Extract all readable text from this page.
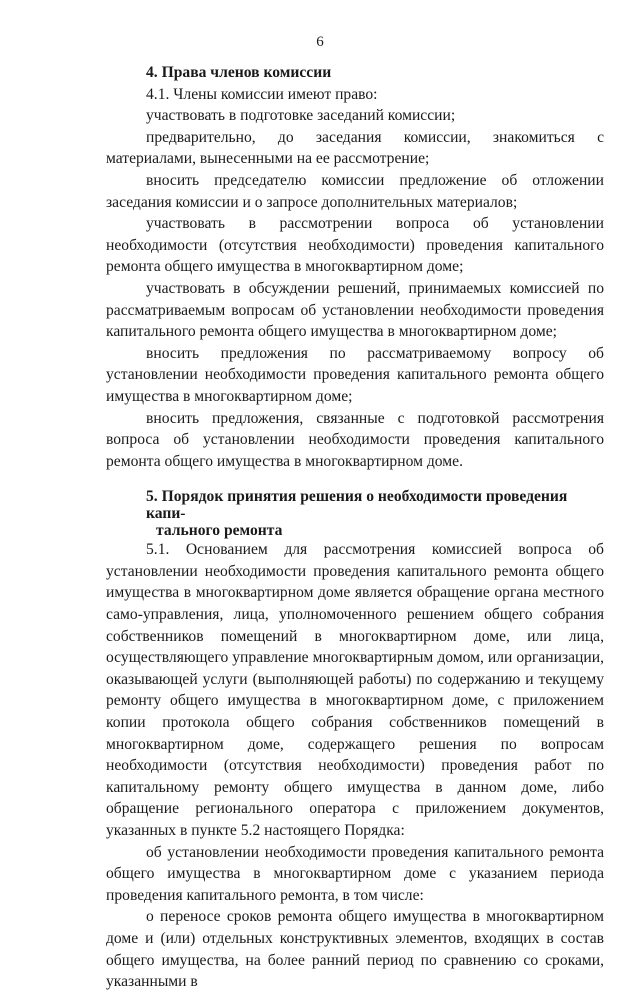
6

4. Права членов комиссии

4.1. Члены комиссии имеют право:

участвовать в подготовке заседаний комиссии;

предварительно, до заседания комиссии, знакомиться с материалами, вынесенными на ее рассмотрение;

вносить председателю комиссии предложение об отложении заседания комиссии и о запросе дополнительных материалов;

участвовать в рассмотрении вопроса об установлении необходимости (отсутствия необходимости) проведения капитального ремонта общего имущества в многоквартирном доме;

участвовать в обсуждении решений, принимаемых комиссией по рассматриваемым вопросам об установлении необходимости проведения капитального ремонта общего имущества в многоквартирном доме;

вносить предложения по рассматриваемому вопросу об установлении необходимости проведения капитального ремонта общего имущества в многоквартирном доме;

вносить предложения, связанные с подготовкой рассмотрения вопроса об установлении необходимости проведения капитального ремонта общего имущества в многоквартирном доме.

5. Порядок принятия решения о необходимости проведения капи-
тального ремонта

5.1. Основанием для рассмотрения комиссией вопроса об установлении необходимости проведения капитального ремонта общего имущества в многоквартирном доме является обращение органа местного само-управления, лица, уполномоченного решением общего собрания собственников помещений в многоквартирном доме, или лица, осуществляющего управление многоквартирным домом, или организации, оказывающей услуги (выполняющей работы) по содержанию и текущему ремонту общего имущества в многоквартирном доме, с приложением копии протокола общего собрания собственников помещений в многоквартирном доме, содержащего решения по вопросам необходимости (отсутствия необходимости) проведения работ по капитальному ремонту общего имущества в данном доме, либо обращение регионального оператора с приложением документов, указанных в пункте 5.2 настоящего Порядка:

об установлении необходимости проведения капитального ремонта общего имущества в многоквартирном доме с указанием периода проведения капитального ремонта, в том числе:

о переносе сроков ремонта общего имущества в многоквартирном доме и (или) отдельных конструктивных элементов, входящих в состав общего имущества, на более ранний период по сравнению со сроками, указанными в
